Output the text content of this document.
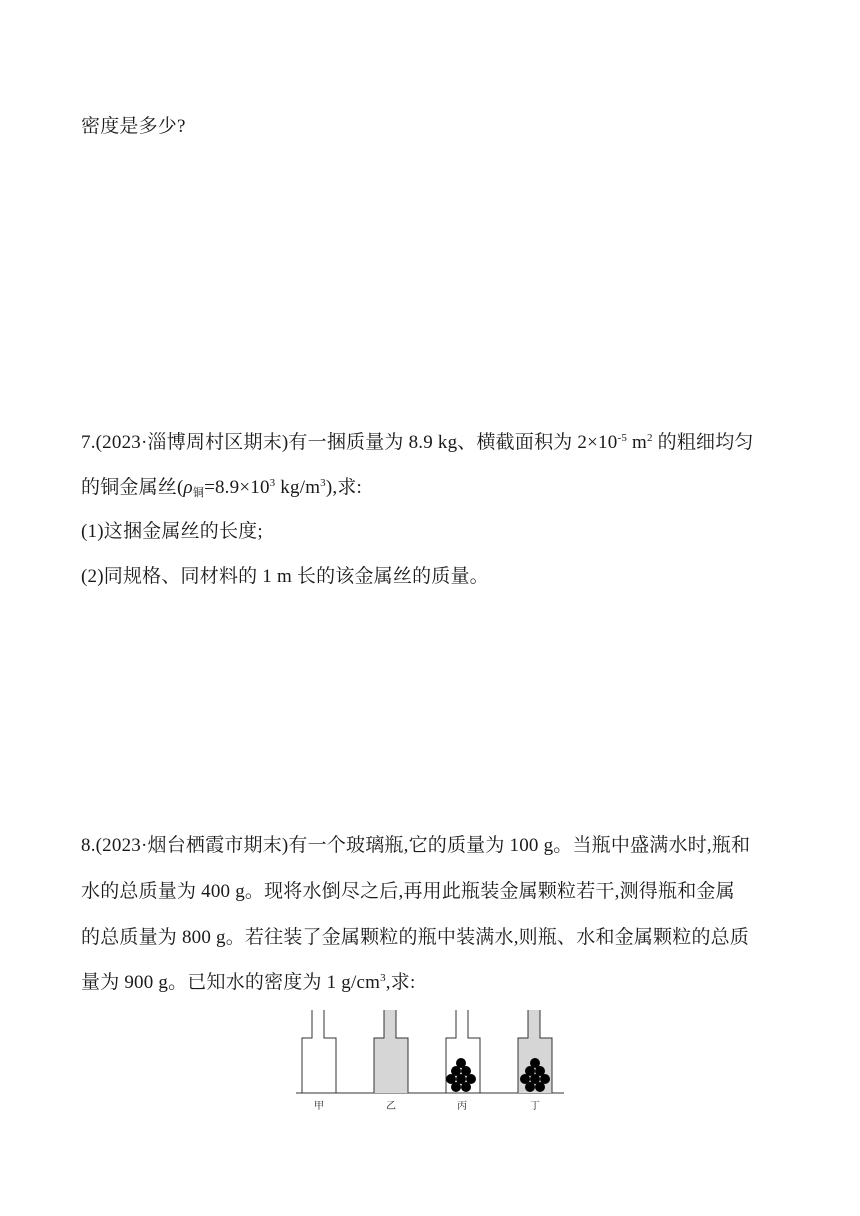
密度是多少?
7.(2023·淄博周村区期末)有一捆质量为 8.9 kg、横截面积为 $2\times 10^{-5}$ $m^2$ 的粗细均匀
的铜金属丝($\rho_铜=8.9\times 10^3$ $kg/m^3$),求:
(1)这捆金属丝的长度;
(2)同规格、同材料的 1 m 长的该金属丝的质量。
8.(2023·烟台栖霞市期末)有一个玻璃瓶,它的质量为 100 g。当瓶中盛满水时,瓶和
水的总质量为 400 g。现将水倒尽之后,再用此瓶装金属颗粒若干,测得瓶和金属
的总质量为 800 g。若往装了金属颗粒的瓶中装满水,则瓶、水和金属颗粒的总质
量为 900 g。已知水的密度为 1 $g/cm^3$,求:
甲	乙	丙	丁
